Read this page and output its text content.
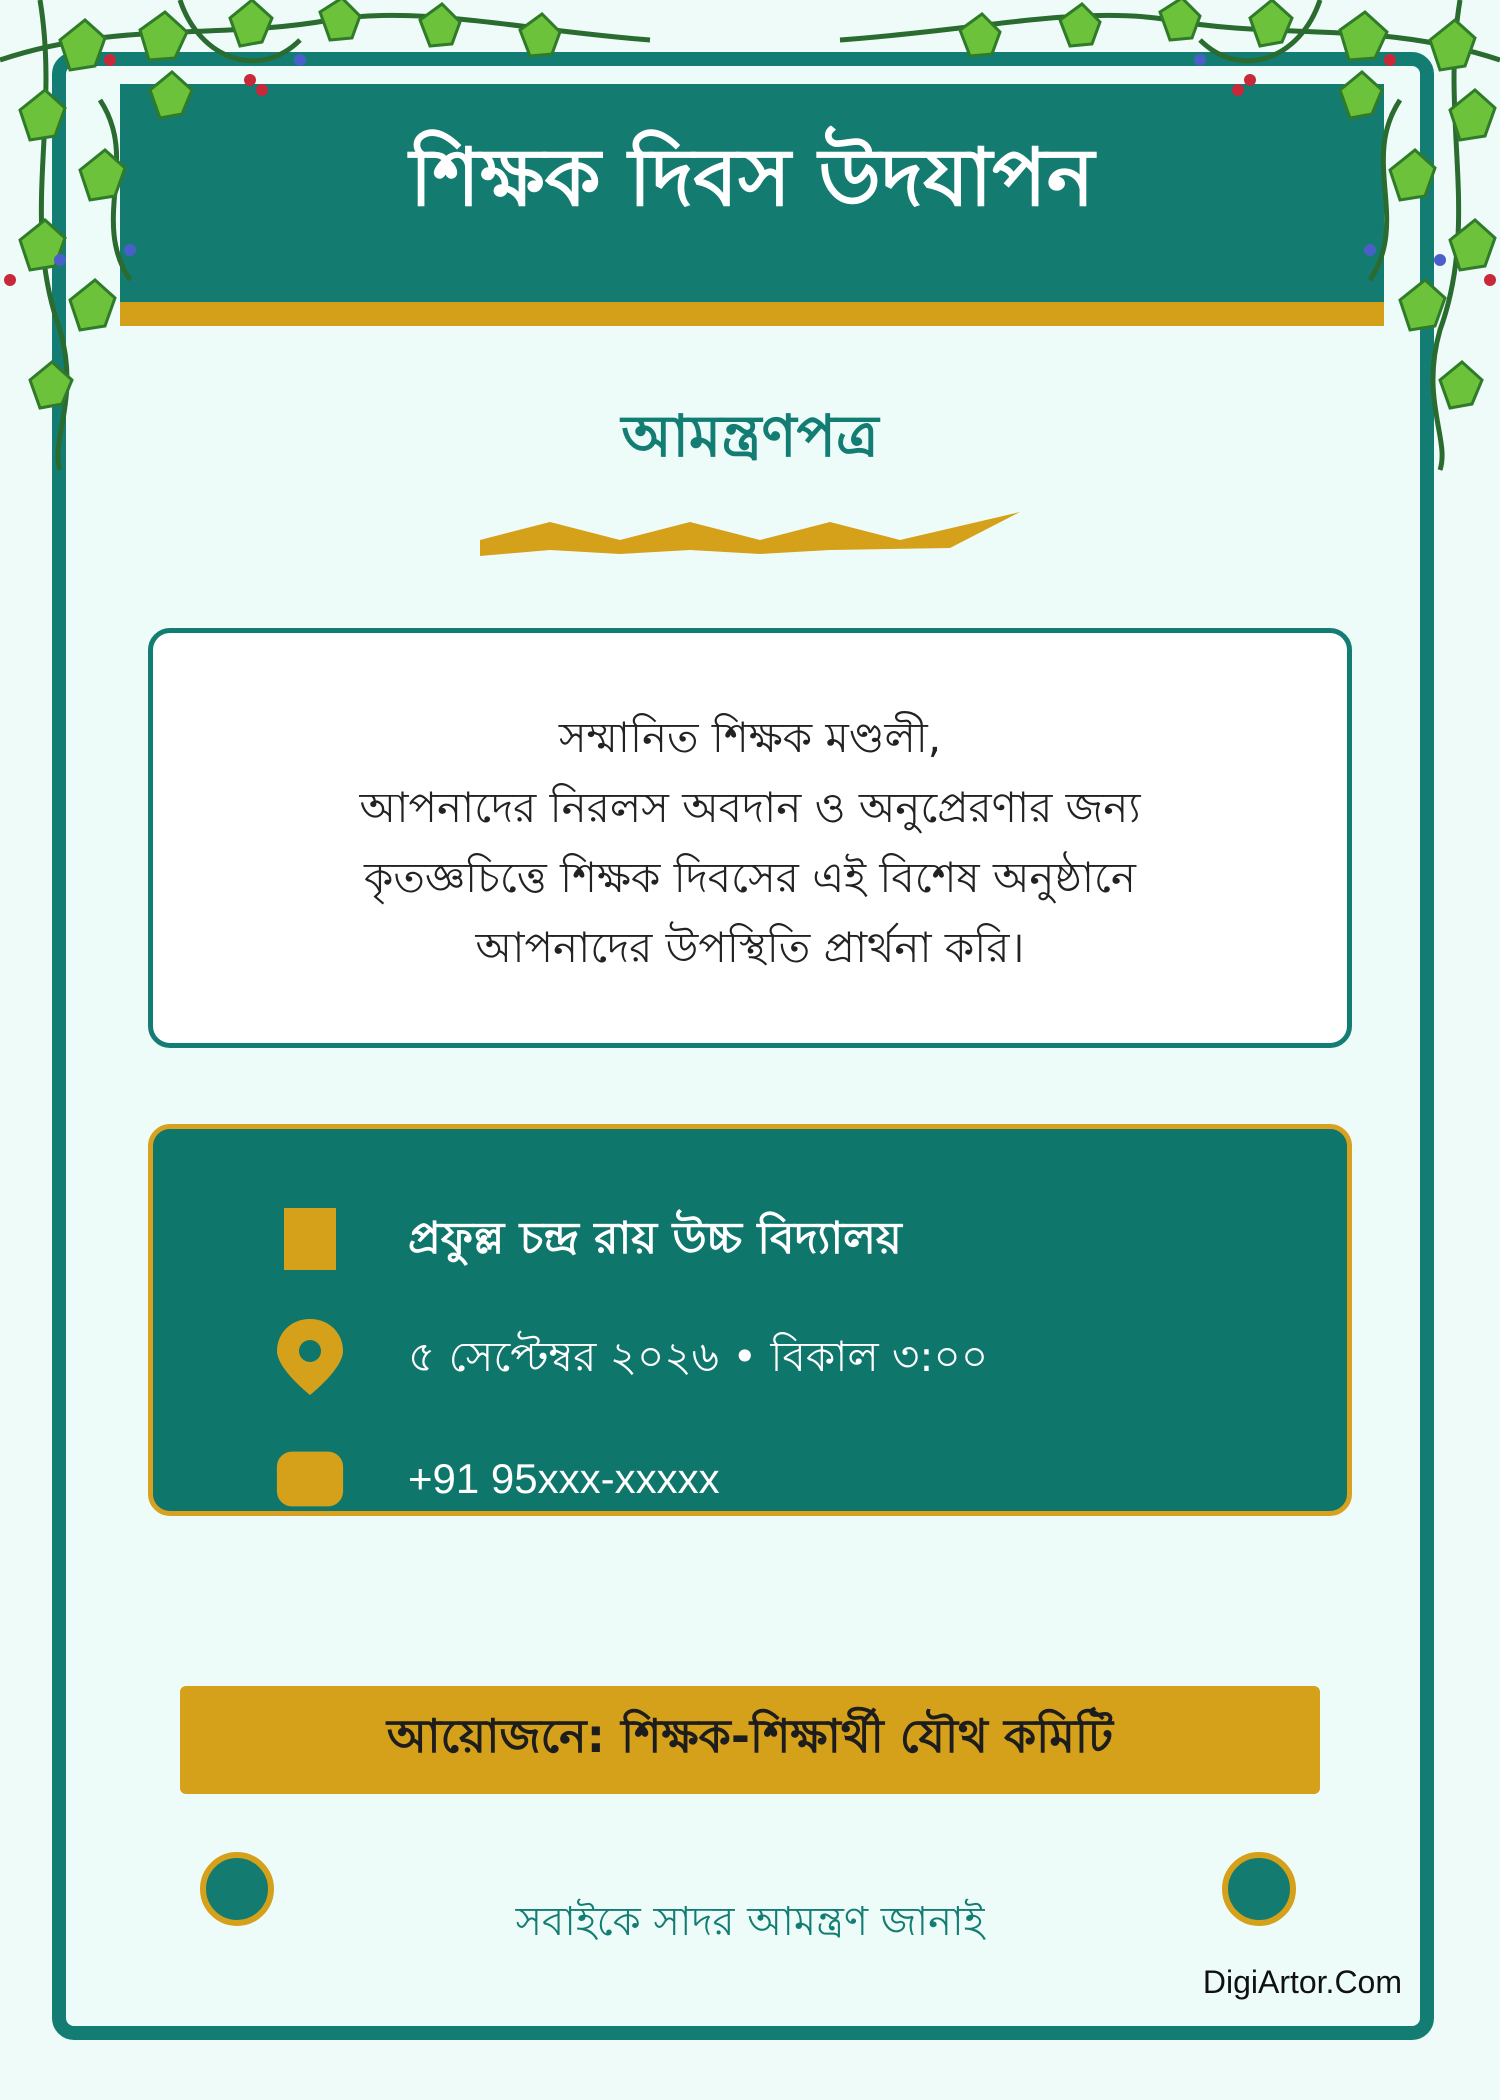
শিক্ষক দিবস উদযাপন
আমন্ত্রণপত্র
সম্মানিত শিক্ষক মণ্ডলী,
আপনাদের নিরলস অবদান ও অনুপ্রেরণার জন্য
কৃতজ্ঞচিত্তে শিক্ষক দিবসের এই বিশেষ অনুষ্ঠানে
আপনাদের উপস্থিতি প্রার্থনা করি।
প্রফুল্ল চন্দ্র রায় উচ্চ বিদ্যালয়
৫ সেপ্টেম্বর ২০২৬ • বিকাল ৩:০০
+91 95xxx-xxxxx
আয়োজনে: শিক্ষক-শিক্ষার্থী যৌথ কমিটি
সবাইকে সাদর আমন্ত্রণ জানাই
DigiArtor.Com
